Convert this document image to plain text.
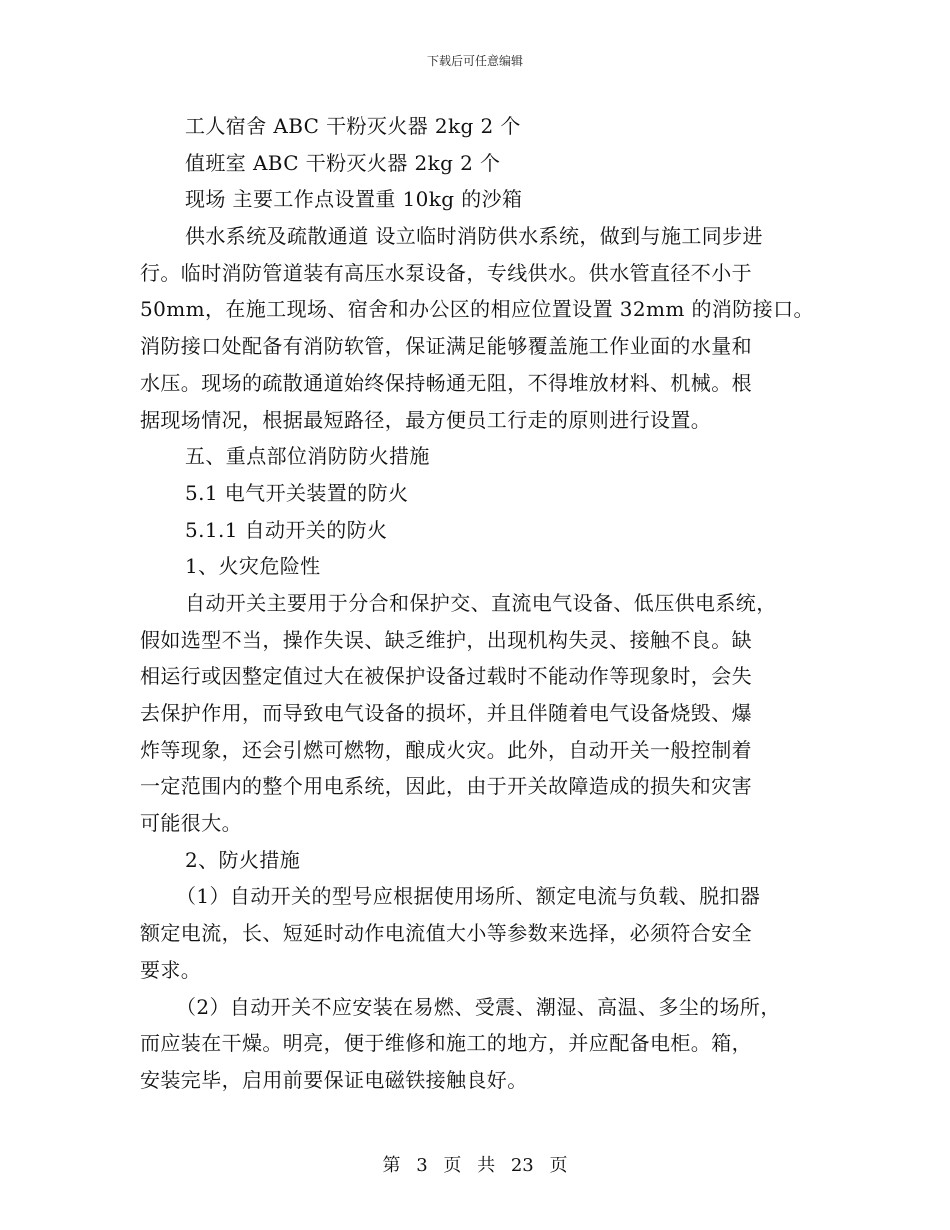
下载后可任意编辑
工人宿舍 ABC 干粉灭火器 2kg 2 个
值班室 ABC 干粉灭火器 2kg 2 个
现场 主要工作点设置重 10kg 的沙箱
供水系统及疏散通道 设立临时消防供水系统，做到与施工同步进
行。临时消防管道装有高压水泵设备，专线供水。供水管直径不小于
50mm，在施工现场、宿舍和办公区的相应位置设置 32mm 的消防接口。
消防接口处配备有消防软管，保证满足能够覆盖施工作业面的水量和
水压。现场的疏散通道始终保持畅通无阻，不得堆放材料、机械。根
据现场情况，根据最短路径，最方便员工行走的原则进行设置。
五、重点部位消防防火措施
5.1 电气开关装置的防火
5.1.1 自动开关的防火
1、火灾危险性
自动开关主要用于分合和保护交、直流电气设备、低压供电系统，
假如选型不当，操作失误、缺乏维护，出现机构失灵、接触不良。缺
相运行或因整定值过大在被保护设备过载时不能动作等现象时，会失
去保护作用，而导致电气设备的损坏，并且伴随着电气设备烧毁、爆
炸等现象，还会引燃可燃物，酿成火灾。此外，自动开关一般控制着
一定范围内的整个用电系统，因此，由于开关故障造成的损失和灾害
可能很大。
2、防火措施
（1）自动开关的型号应根据使用场所、额定电流与负载、脱扣器
额定电流，长、短延时动作电流值大小等参数来选择，必须符合安全
要求。
（2）自动开关不应安装在易燃、受震、潮湿、高温、多尘的场所，
而应装在干燥。明亮，便于维修和施工的地方，并应配备电柜。箱，
安装完毕，启用前要保证电磁铁接触良好。
第 3 页 共 23 页
